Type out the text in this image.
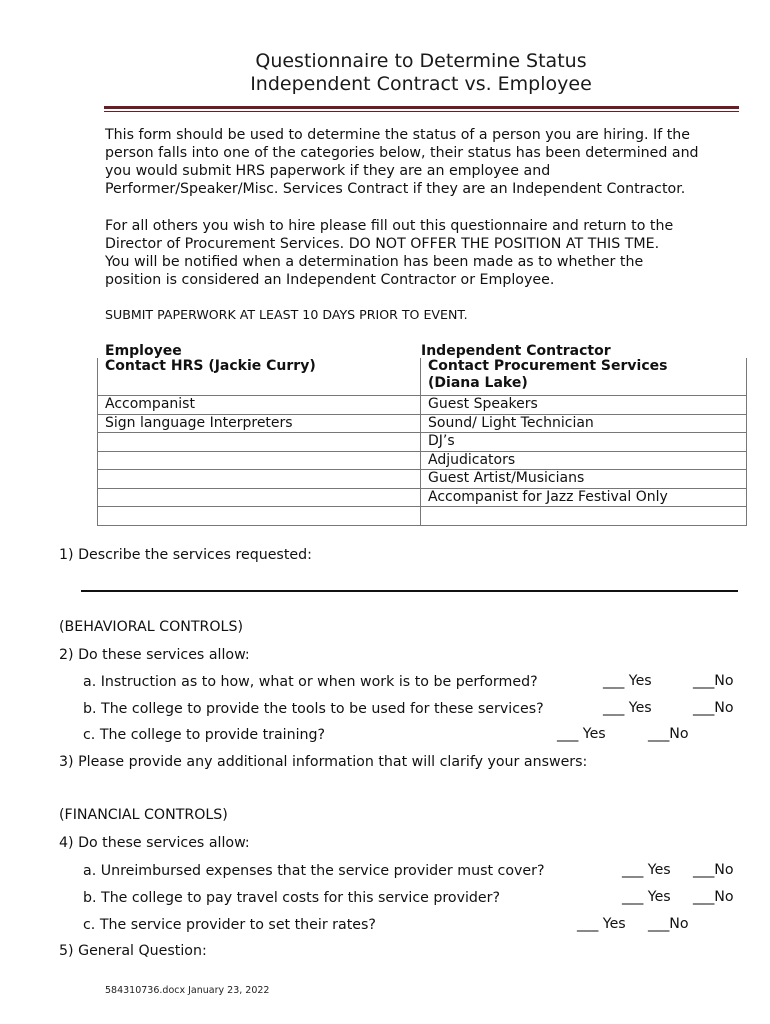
Questionnaire to Determine Status
Independent Contract vs. Employee
This form should be used to determine the status of a person you are hiring. If the
person falls into one of the categories below, their status has been determined and
you would submit HRS paperwork if they are an employee and
Performer/Speaker/Misc. Services Contract if they are an Independent Contractor.
For all others you wish to hire please fill out this questionnaire and return to the
Director of Procurement Services. DO NOT OFFER THE POSITION AT THIS TME.
You will be notified when a determination has been made as to whether the
position is considered an Independent Contractor or Employee.
SUBMIT PAPERWORK AT LEAST 10 DAYS PRIOR TO EVENT.
Employee	Independent Contractor
Contact HRS (Jackie Curry)	Contact Procurement Services
(Diana Lake)

Accompanist	Guest Speakers
Sign language Interpreters	Sound/ Light Technician
	DJ’s
	Adjudicators
	Guest Artist/Musicians
	Accompanist for Jazz Festival Only

1) Describe the services requested:
(BEHAVIORAL CONTROLS)
2) Do these services allow:
a. Instruction as to how, what or when work is to be performed?	___ Yes	___No
b. The college to provide the tools to be used for these services?	___ Yes	___No
c. The college to provide training?	___ Yes	___No
3) Please provide any additional information that will clarify your answers:
(FINANCIAL CONTROLS)
4) Do these services allow:
a. Unreimbursed expenses that the service provider must cover?	___ Yes ___No
b. The college to pay travel costs for this service provider?	___ Yes ___No
c. The service provider to set their rates?	___ Yes ___No
5) General Question:
584310736.docx January 23, 2022
